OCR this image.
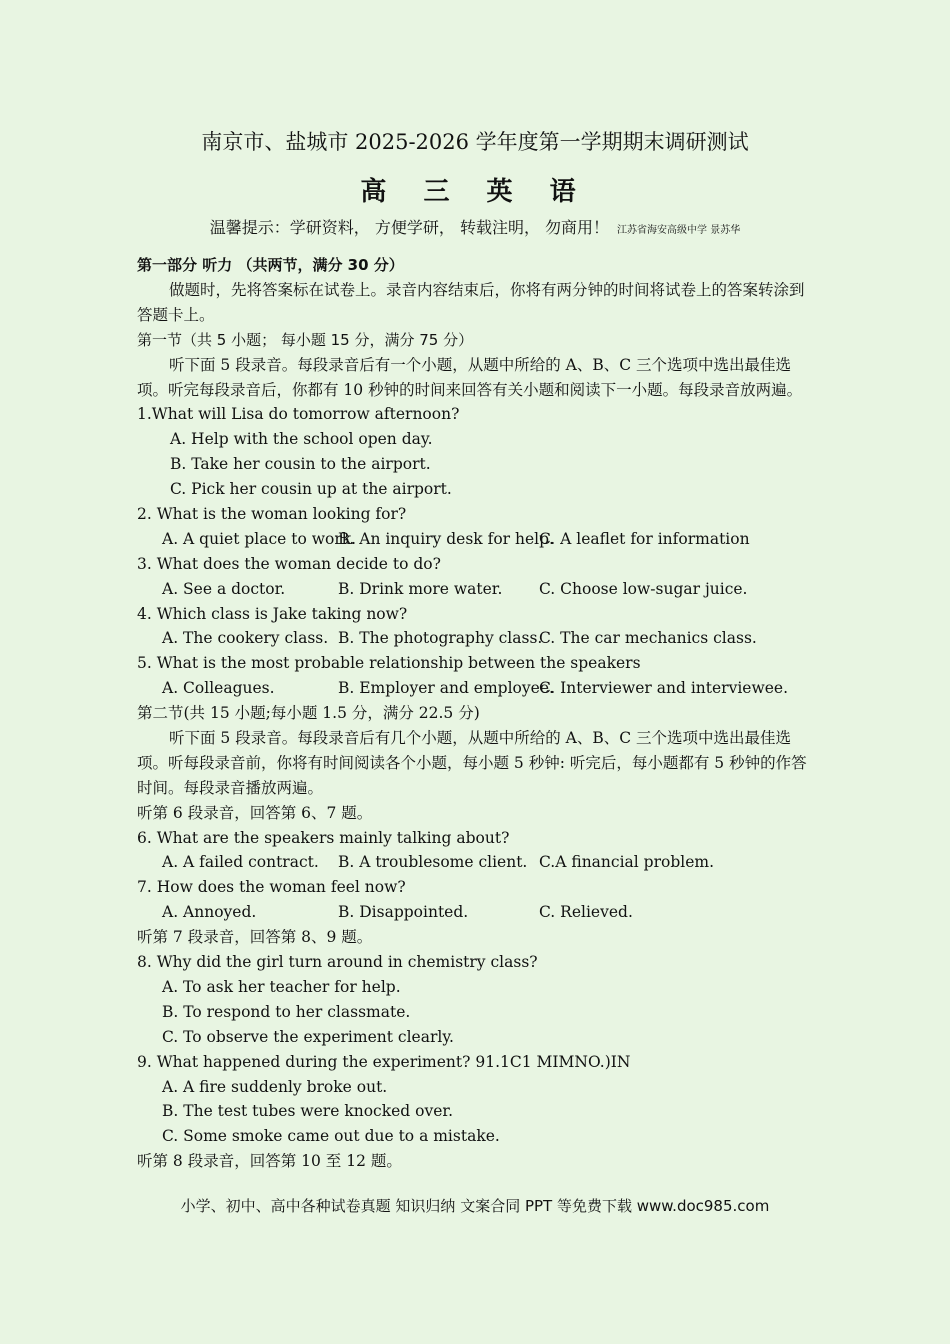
南京市、盐城市 2025-2026 学年度第一学期期末调研测试
高 三 英 语
温馨提示：学研资料， 方便学研， 转载注明， 勿商用！ 江苏省海安高级中学 景苏华
第一部分 听力 （共两节，满分 30 分）
做题时，先将答案标在试卷上。录音内容结束后，你将有两分钟的时间将试卷上的答案转涂到答题卡上。
第一节（共 5 小题； 每小题 15 分，满分 75 分）
听下面 5 段录音。每段录音后有一个小题，从题中所给的 A、B、C 三个选项中选出最佳选项。听完每段录音后，你都有 10 秒钟的时间来回答有关小题和阅读下一小题。每段录音放两遍。
1.What will Lisa do tomorrow afternoon?
A. Help with the school open day.
B. Take her cousin to the airport.
C. Pick her cousin up at the airport.
2. What is the woman looking for?
A. A quiet place to work.
B. An inquiry desk for help.
C. A leaflet for information
3. What does the woman decide to do?
A. See a doctor.	B. Drink more water.	C. Choose low-sugar juice.
4. Which class is Jake taking now?
A. The cookery class. B. The photography class.
C. The car mechanics class.
5. What is the most probable relationship between the speakers
A. Colleagues.	B. Employer and employee.
C. Interviewer and interviewee.
第二节(共 15 小题;每小题 1.5 分，满分 22.5 分)
听下面 5 段录音。每段录音后有几个小题，从题中所给的 A、B、C 三个选项中选出最佳选项。听每段录音前，你将有时间阅读各个小题，每小题 5 秒钟: 听完后，每小题都有 5 秒钟的作答时间。每段录音播放两遍。
听第 6 段录音，回答第 6、7 题。
6. What are the speakers mainly talking about?
A. A failed contract.	B. A troublesome client. C.A financial problem.
7. How does the woman feel now?
A. Annoyed.	B. Disappointed.	C. Relieved.
听第 7 段录音，回答第 8、9 题。
8. Why did the girl turn around in chemistry class?
A. To ask her teacher for help.
B. To respond to her classmate.
C. To observe the experiment clearly.
9. What happened during the experiment? 91.1C1 MIMNO.)IN
A. A fire suddenly broke out.
B. The test tubes were knocked over.
C. Some smoke came out due to a mistake.
听第 8 段录音，回答第 10 至 12 题。
小学、初中、高中各种试卷真题 知识归纳 文案合同 PPT 等免费下载 www.doc985.com
